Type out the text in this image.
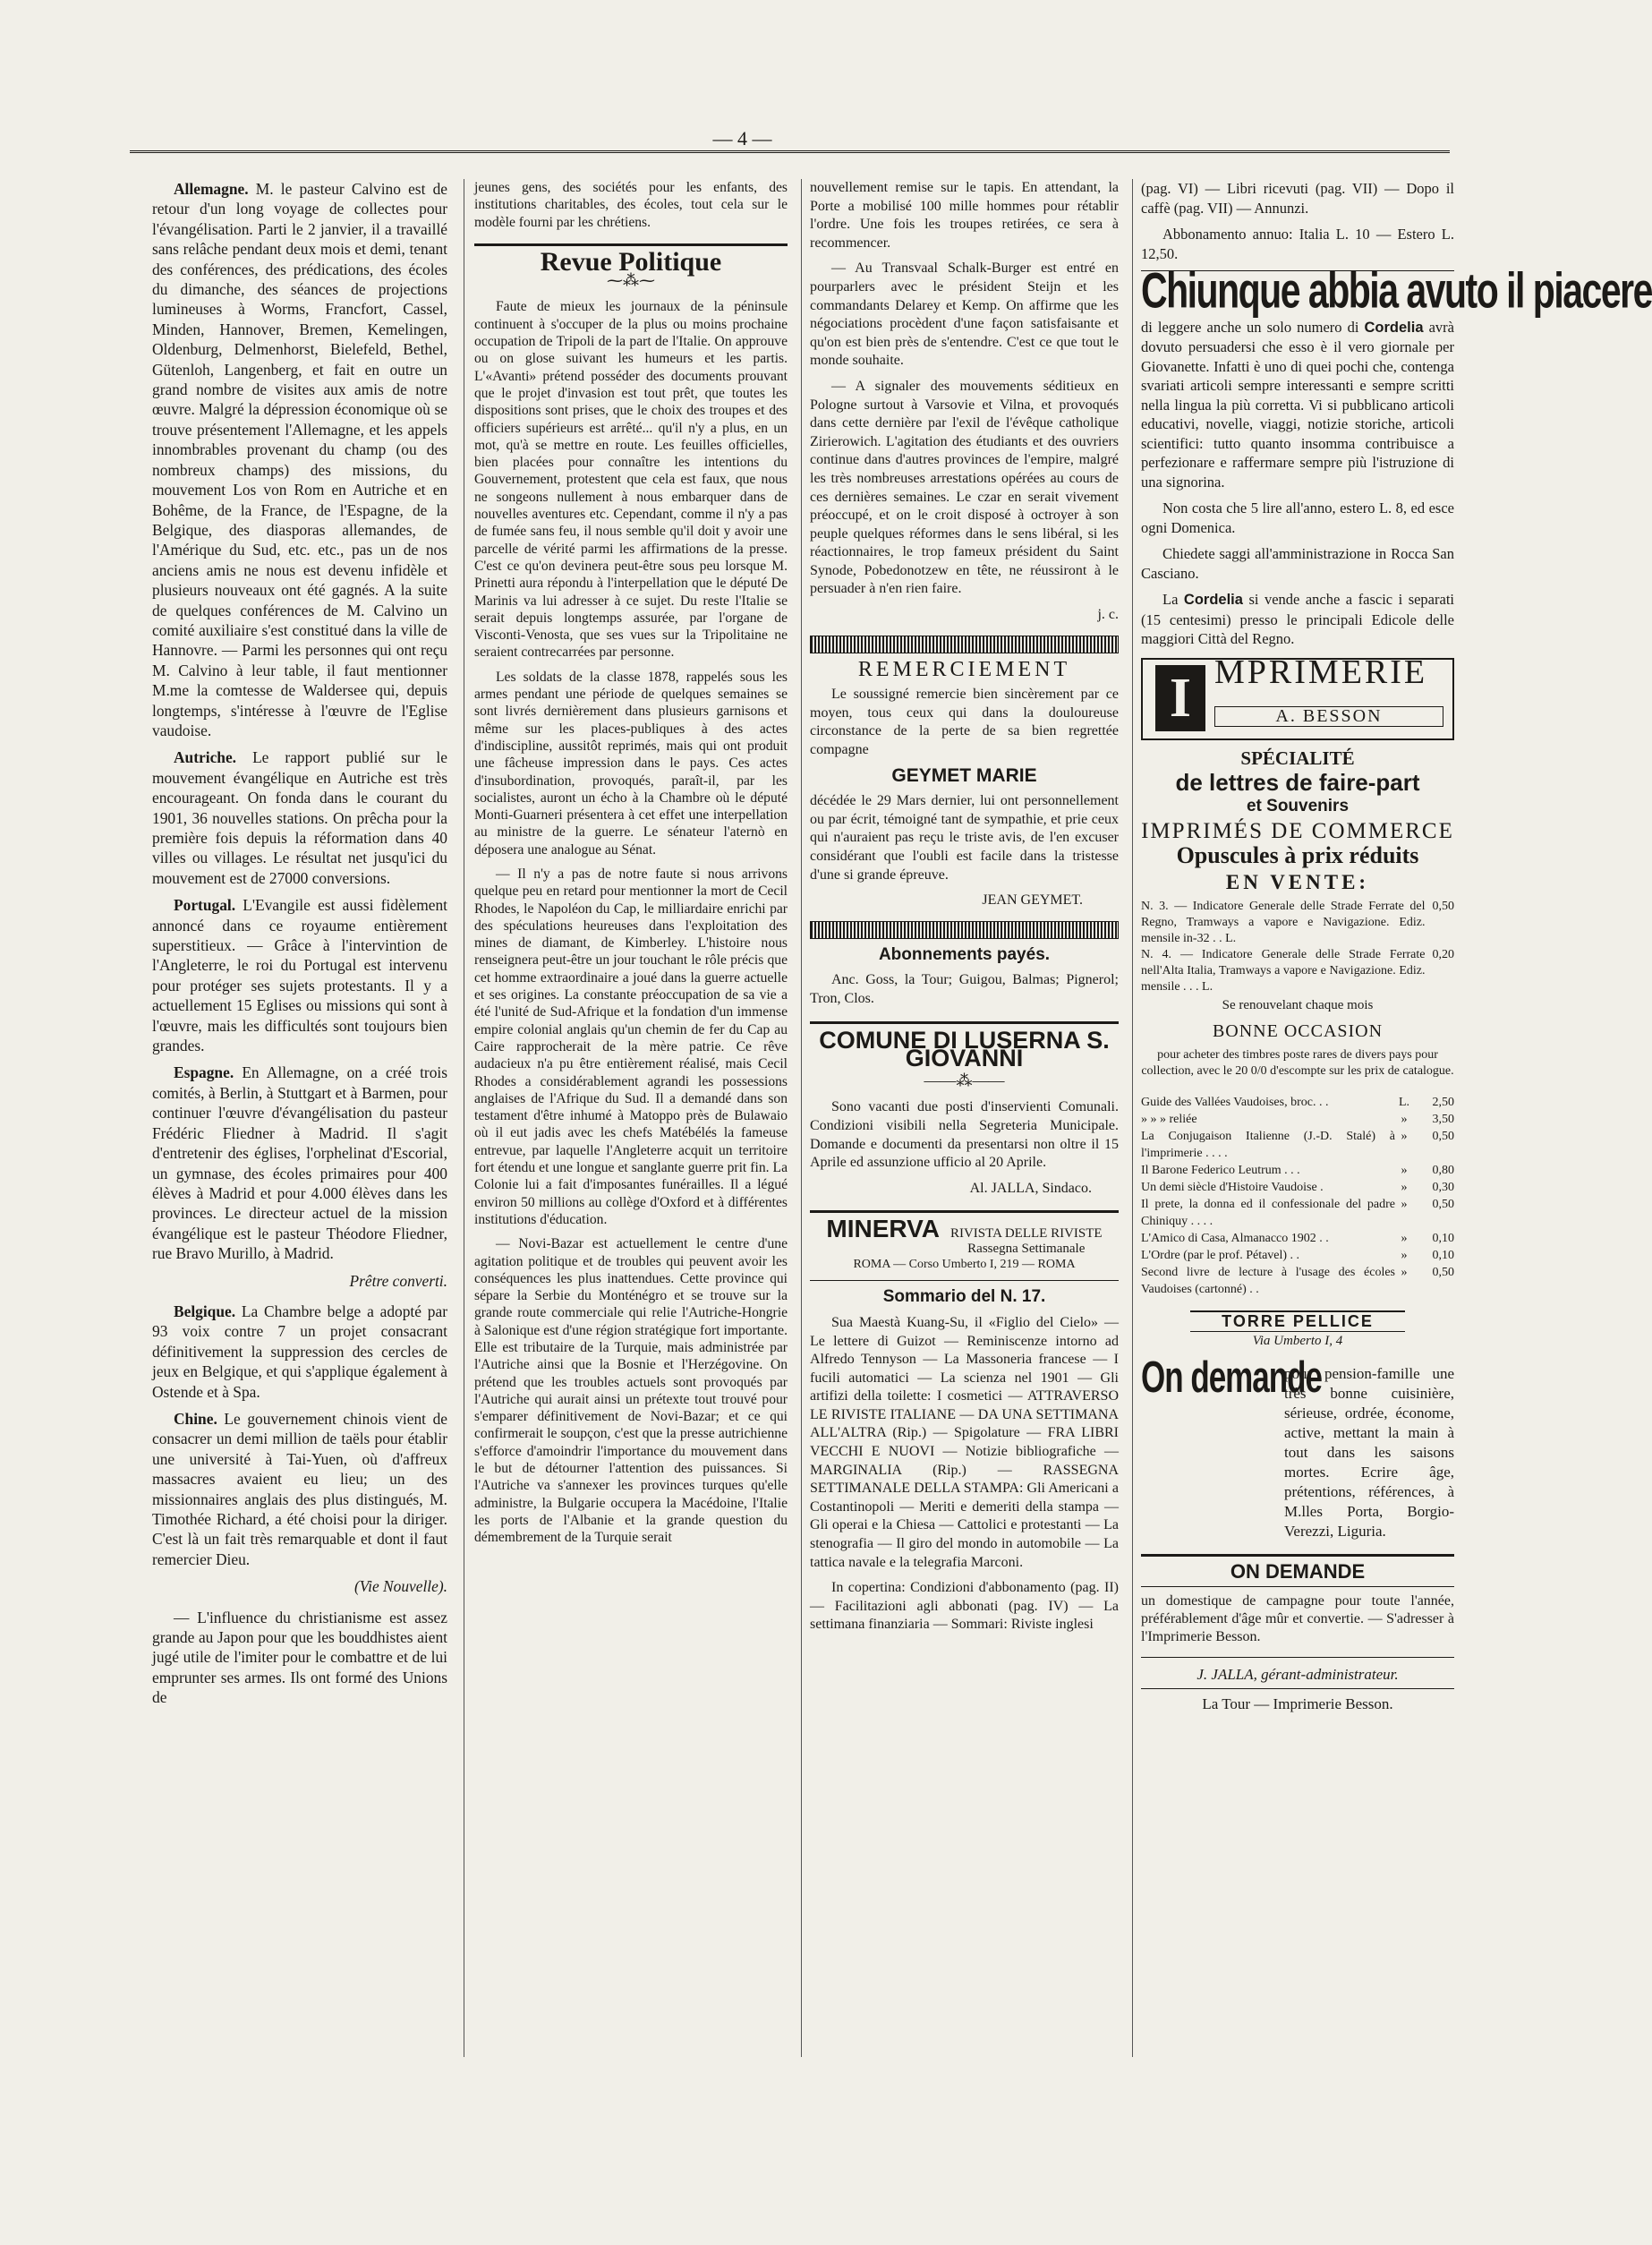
— 4 —

Allemagne. M. le pasteur Calvino est de retour d'un long voyage de collectes pour l'évangélisation. Parti le 2 janvier, il a travaillé sans relâche pendant deux mois et demi, tenant des conférences, des prédications, des écoles du dimanche, des séances de projections lumineuses à Worms, Francfort, Cassel, Minden, Hannover, Bremen, Kemelingen, Oldenburg, Delmenhorst, Bielefeld, Bethel, Gütenloh, Langenberg, et fait en outre un grand nombre de visites aux amis de notre œuvre. Malgré la dépression économique où se trouve présentement l'Allemagne, et les appels innombrables provenant du champ (ou des nombreux champs) des missions, du mouvement Los von Rom en Autriche et en Bohême, de la France, de l'Espagne, de la Belgique, des diasporas allemandes, de l'Amérique du Sud, etc. etc., pas un de nos anciens amis ne nous est devenu infidèle et plusieurs nouveaux ont été gagnés. A la suite de quelques conférences de M. Calvino un comité auxiliaire s'est constitué dans la ville de Hannovre. — Parmi les personnes qui ont reçu M. Calvino à leur table, il faut mentionner M.me la comtesse de Waldersee qui, depuis longtemps, s'intéresse à l'œuvre de l'Eglise vaudoise.

Autriche. Le rapport publié sur le mouvement évangélique en Autriche est très encourageant. On fonda dans le courant du 1901, 36 nouvelles stations. On prêcha pour la première fois depuis la réformation dans 40 villes ou villages. Le résultat net jusqu'ici du mouvement est de 27000 conversions.

Portugal. L'Evangile est aussi fidèlement annoncé dans ce royaume entièrement superstitieux. — Grâce à l'intervintion de l'Angleterre, le roi du Portugal est intervenu pour protéger ses sujets protestants. Il y a actuellement 15 Eglises ou missions qui sont à l'œuvre, mais les difficultés sont toujours bien grandes.

Espagne. En Allemagne, on a créé trois comités, à Berlin, à Stuttgart et à Barmen, pour continuer l'œuvre d'évangélisation du pasteur Frédéric Fliedner à Madrid. Il s'agit d'entretenir des églises, l'orphelinat d'Escorial, un gymnase, des écoles primaires pour 400 élèves à Madrid et pour 4.000 élèves dans les provinces. Le directeur actuel de la mission évangélique est le pasteur Théodore Fliedner, rue Bravo Murillo, à Madrid.

Prêtre converti.

Belgique. La Chambre belge a adopté par 93 voix contre 7 un projet consacrant définitivement la suppression des cercles de jeux en Belgique, et qui s'applique également à Ostende et à Spa.

Chine. Le gouvernement chinois vient de consacrer un demi million de taëls pour établir une université à Tai-Yuen, où d'affreux massacres avaient eu lieu; un des missionnaires anglais des plus distingués, M. Timothée Richard, a été choisi pour la diriger. C'est là un fait très remarquable et dont il faut remercier Dieu.

(Vie Nouvelle).

— L'influence du christianisme est assez grande au Japon pour que les bouddhistes aient jugé utile de l'imiter pour le combattre et de lui emprunter ses armes. Ils ont formé des Unions de

jeunes gens, des sociétés pour les enfants, des institutions charitables, des écoles, tout cela sur le modèle fourni par les chrétiens.

Revue Politique
⁓⁂⁓

Faute de mieux les journaux de la péninsule continuent à s'occuper de la plus ou moins prochaine occupation de Tripoli de la part de l'Italie. On approuve ou on glose suivant les humeurs et les partis. L'«Avanti» prétend posséder des documents prouvant que le projet d'invasion est tout prêt, que toutes les dispositions sont prises, que le choix des troupes et des officiers supérieurs est arrêté... qu'il n'y a plus, en un mot, qu'à se mettre en route. Les feuilles officielles, bien placées pour connaître les intentions du Gouvernement, protestent que cela est faux, que nous ne songeons nullement à nous embarquer dans de nouvelles aventures etc. Cependant, comme il n'y a pas de fumée sans feu, il nous semble qu'il doit y avoir une parcelle de vérité parmi les affirmations de la presse. C'est ce qu'on devinera peut-être sous peu lorsque M. Prinetti aura répondu à l'interpellation que le député De Marinis va lui adresser à ce sujet. Du reste l'Italie se serait depuis longtemps assurée, par l'organe de Visconti-Venosta, que ses vues sur la Tripolitaine ne seraient contrecarrées par personne.

Les soldats de la classe 1878, rappelés sous les armes pendant une période de quelques semaines se sont livrés dernièrement dans plusieurs garnisons et même sur les places-publiques à des actes d'indiscipline, aussitôt reprimés, mais qui ont produit une fâcheuse impression dans le pays. Ces actes d'insubordination, provoqués, paraît-il, par les socialistes, auront un écho à la Chambre où le député Monti-Guarneri présentera à cet effet une interpellation au ministre de la guerre. Le sénateur l'aternò en déposera une analogue au Sénat.

— Il n'y a pas de notre faute si nous arrivons quelque peu en retard pour mentionner la mort de Cecil Rhodes, le Napoléon du Cap, le milliardaire enrichi par des spéculations heureuses dans l'exploitation des mines de diamant, de Kimberley. L'histoire nous renseignera peut-être un jour touchant le rôle précis que cet homme extraordinaire a joué dans la guerre actuelle et ses origines. La constante préoccupation de sa vie a été l'unité de Sud-Afrique et la fondation d'un immense empire colonial anglais qu'un chemin de fer du Cap au Caire rapprocherait de la mère patrie. Ce rêve audacieux n'a pu être entièrement réalisé, mais Cecil Rhodes a considérablement agrandi les possessions anglaises de l'Afrique du Sud. Il a demandé dans son testament d'être inhumé à Matoppo près de Bulawaio où il eut jadis avec les chefs Matébélés la fameuse entrevue, par laquelle l'Angleterre acquit un territoire fort étendu et une longue et sanglante guerre prit fin. La Colonie lui a fait d'imposantes funérailles. Il a légué environ 50 millions au collège d'Oxford et à différentes institutions d'éducation.

— Novi-Bazar est actuellement le centre d'une agitation politique et de troubles qui peuvent avoir les conséquences les plus inattendues. Cette province qui sépare la Serbie du Monténégro et se trouve sur la grande route commerciale qui relie l'Autriche-Hongrie à Salonique est d'une région stratégique fort importante. Elle est tributaire de la Turquie, mais administrée par l'Autriche ainsi que la Bosnie et l'Herzégovine. On prétend que les troubles actuels sont provoqués par l'Autriche qui aurait ainsi un prétexte tout trouvé pour s'emparer définitivement de Novi-Bazar; et ce qui confirmerait le soupçon, c'est que la presse autrichienne s'efforce d'amoindrir l'importance du mouvement dans le but de détourner l'attention des puissances. Si l'Autriche va s'annexer les provinces turques qu'elle administre, la Bulgarie occupera la Macédoine, l'Italie les ports de l'Albanie et la grande question du démembrement de la Turquie serait

nouvellement remise sur le tapis. En attendant, la Porte a mobilisé 100 mille hommes pour rétablir l'ordre. Une fois les troupes retirées, ce sera à recommencer.

— Au Transvaal Schalk-Burger est entré en pourparlers avec le président Steijn et les commandants Delarey et Kemp. On affirme que les négociations procèdent d'une façon satisfaisante et qu'on est bien près de s'entendre. C'est ce que tout le monde souhaite.

— A signaler des mouvements séditieux en Pologne surtout à Varsovie et Vilna, et provoqués dans cette dernière par l'exil de l'évêque catholique Zirierowich. L'agitation des étudiants et des ouvriers continue dans d'autres provinces de l'empire, malgré les très nombreuses arrestations opérées au cours de ces dernières semaines. Le czar en serait vivement préoccupé, et on le croit disposé à octroyer à son peuple quelques réformes dans le sens libéral, si les réactionnaires, le trop fameux président du Saint Synode, Pobedonotzew en tête, ne réussiront à le persuader à n'en rien faire.

j. c.
REMERCIEMENT

Le soussigné remercie bien sincèrement par ce moyen, tous ceux qui dans la douloureuse circonstance de la perte de sa bien regrettée compagne

GEYMET MARIE

décédée le 29 Mars dernier, lui ont personnellement ou par écrit, témoigné tant de sympathie, et prie ceux qui n'auraient pas reçu le triste avis, de l'en excuser considérant que l'oubli est facile dans la tristesse d'une si grande épreuve.

JEAN GEYMET.
Abonnements payés.

Anc. Goss, la Tour; Guigou, Balmas; Pignerol; Tron, Clos.

COMUNE DI LUSERNA S. GIOVANNI
——⁂——

Sono vacanti due posti d'inservienti Comunali. Condizioni visibili nella Segreteria Municipale. Domande e documenti da presentarsi non oltre il 15 Aprile ed assunzione ufficio al 20 Aprile.

Al. JALLA, Sindaco.
MINERVA RIVISTA DELLE RIVISTE
Rassegna Settimanale
ROMA — Corso Umberto I, 219 — ROMA
Sommario del N. 17.

Sua Maestà Kuang-Su, il «Figlio del Cielo» — Le lettere di Guizot — Reminiscenze intorno ad Alfredo Tennyson — La Massoneria francese — I fucili automatici — La scienza nel 1901 — Gli artifizi della toilette: I cosmetici — ATTRAVERSO LE RIVISTE ITALIANE — DA UNA SETTIMANA ALL'ALTRA (Rip.) — Spigolature — FRA LIBRI VECCHI E NUOVI — Notizie bibliografiche — MARGINALIA (Rip.) — RASSEGNA SETTIMANALE DELLA STAMPA: Gli Americani a Costantinopoli — Meriti e demeriti della stampa — Gli operai e la Chiesa — Cattolici e protestanti — La stenografia — Il giro del mondo in automobile — La tattica navale e la telegrafia Marconi.

In copertina: Condizioni d'abbonamento (pag. II) — Facilitazioni agli abbonati (pag. IV) — La settimana finanziaria — Sommari: Riviste inglesi

(pag. VI) — Libri ricevuti (pag. VII) — Dopo il caffè (pag. VII) — Annunzi.

Abbonamento annuo: Italia L. 10 — Estero L. 12,50.

Chiunque abbia avuto il piacere

di leggere anche un solo numero di Cordelia avrà dovuto persuadersi che esso è il vero giornale per Giovanette. Infatti è uno di quei pochi che, contenga svariati articoli sempre interessanti e sempre scritti nella lingua la più corretta. Vi si pubblicano articoli educativi, novelle, viaggi, notizie storiche, articoli scientifici: tutto quanto insomma contribuisce a perfezionare e raffermare sempre più l'istruzione di una signorina.

Non costa che 5 lire all'anno, estero L. 8, ed esce ogni Domenica.

Chiedete saggi all'amministrazione in Rocca San Casciano.

La Cordelia si vende anche a fascic i separati (15 centesimi) presso le principali Edicole delle maggiori Città del Regno.

I MPRIMERIE
A. BESSON
SPÉCIALITÉ
de lettres de faire-part
et Souvenirs
IMPRIMÉS DE COMMERCE
Opuscules à prix réduits
EN VENTE:
N. 3. — Indicatore Generale delle Strade Ferrate del Regno, Tramways a vapore e Navigazione. Ediz. mensile in-32 . . L.
0,50
N. 4. — Indicatore Generale delle Strade Ferrate nell'Alta Italia, Tramways a vapore e Navigazione. Ediz. mensile . . . L.
0,20
Se renouvelant chaque mois
BONNE OCCASION
pour acheter des timbres poste rares de divers pays pour collection, avec le 20 0/0 d'escompte sur les prix de catalogue.
Guide des Vallées Vaudoises, broc. . .	L.	2,50
» » » reliée	»	3,50
La Conjugaison Italienne (J.-D. Stalé) à l'imprimerie . . . .
»	0,50
Il Barone Federico Leutrum . . .	»	0,80
Un demi siècle d'Histoire Vaudoise .	»	0,30
Il prete, la donna ed il confessionale del padre Chiniquy . . . .
»	0,50
L'Amico di Casa, Almanacco 1902 . .	»	0,10
L'Ordre (par le prof. Pétavel) . .	»	0,10
Second livre de lecture à l'usage des écoles Vaudoises (cartonné) . .
»	0,50
TORRE PELLICE
Via Umberto I, 4
On demande
pour pension-famille une très bonne cuisinière, sérieuse, ordrée, économe, active, mettant la main à tout dans les saisons mortes. Ecrire âge, prétentions, références, à M.lles Porta, Borgio-Verezzi, Liguria.
ON DEMANDE
un domestique de campagne pour toute l'année, préférablement d'âge mûr et convertie. — S'adresser à l'Imprimerie Besson.
J. JALLA, gérant-administrateur.
La Tour — Imprimerie Besson.
